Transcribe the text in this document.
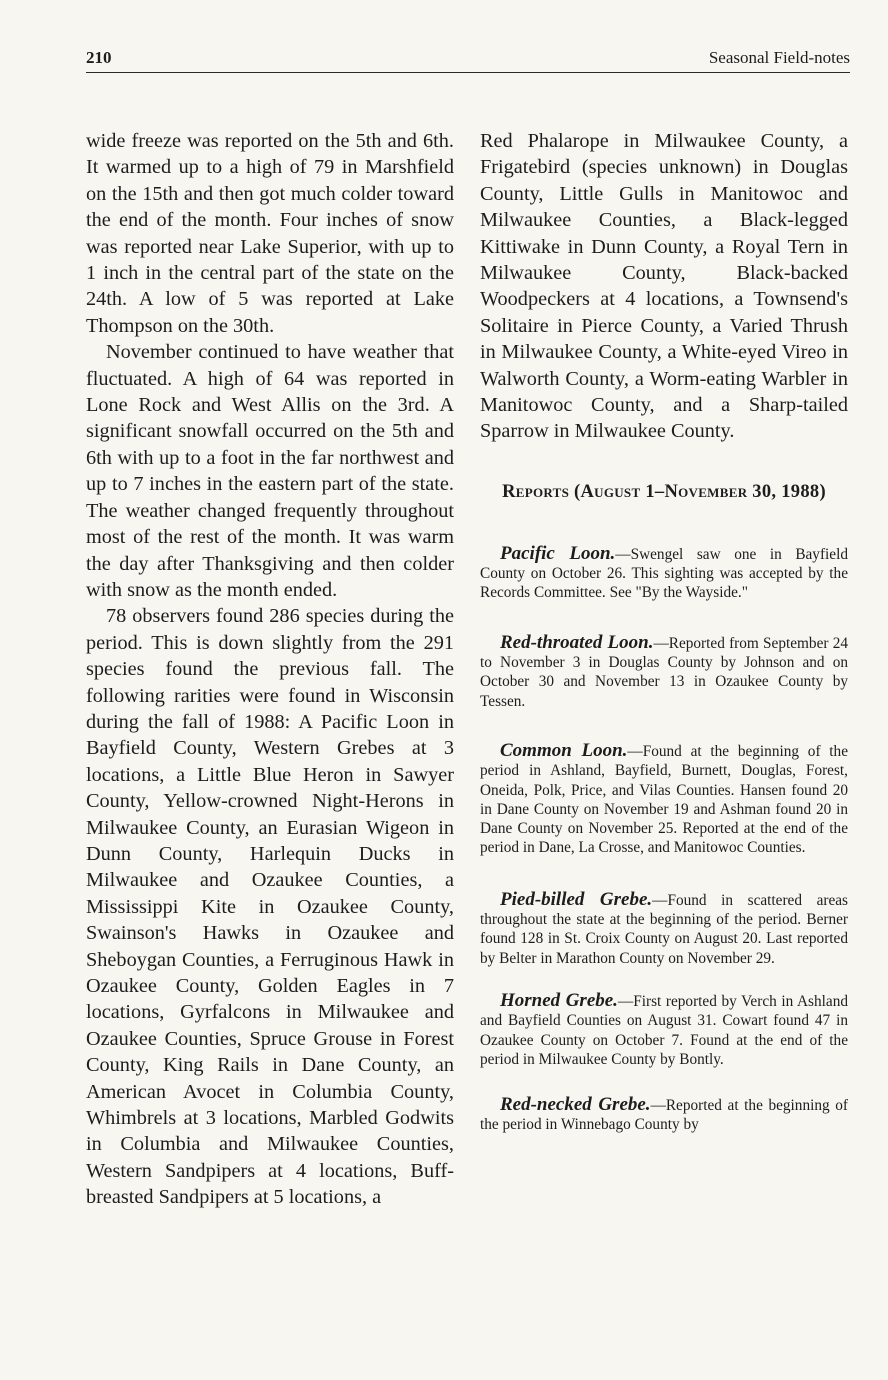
210	Seasonal Field-notes

wide freeze was reported on the 5th and 6th. It warmed up to a high of 79 in Marshfield on the 15th and then got much colder toward the end of the month. Four inches of snow was reported near Lake Superior, with up to 1 inch in the central part of the state on the 24th. A low of 5 was reported at Lake Thompson on the 30th.

November continued to have weather that fluctuated. A high of 64 was reported in Lone Rock and West Allis on the 3rd. A significant snowfall occurred on the 5th and 6th with up to a foot in the far northwest and up to 7 inches in the eastern part of the state. The weather changed frequently throughout most of the rest of the month. It was warm the day after Thanksgiving and then colder with snow as the month ended.

78 observers found 286 species during the period. This is down slightly from the 291 species found the previous fall. The following rarities were found in Wisconsin during the fall of 1988: A Pacific Loon in Bayfield County, Western Grebes at 3 locations, a Little Blue Heron in Sawyer County, Yellow-crowned Night-Herons in Milwaukee County, an Eurasian Wigeon in Dunn County, Harlequin Ducks in Milwaukee and Ozaukee Counties, a Mississippi Kite in Ozaukee County, Swainson's Hawks in Ozaukee and Sheboygan Counties, a Ferruginous Hawk in Ozaukee County, Golden Eagles in 7 locations, Gyrfalcons in Milwaukee and Ozaukee Counties, Spruce Grouse in Forest County, King Rails in Dane County, an American Avocet in Columbia County, Whimbrels at 3 locations, Marbled Godwits in Columbia and Milwaukee Counties, Western Sandpipers at 4 locations, Buff-breasted Sandpipers at 5 locations, a

Red Phalarope in Milwaukee County, a Frigatebird (species unknown) in Douglas County, Little Gulls in Manitowoc and Milwaukee Counties, a Black-legged Kittiwake in Dunn County, a Royal Tern in Milwaukee County, Black-backed Woodpeckers at 4 locations, a Townsend's Solitaire in Pierce County, a Varied Thrush in Milwaukee County, a White-eyed Vireo in Walworth County, a Worm-eating Warbler in Manitowoc County, and a Sharp-tailed Sparrow in Milwaukee County.

Reports (August 1–November 30, 1988)

Pacific Loon.—Swengel saw one in Bayfield County on October 26. This sighting was accepted by the Records Committee. See "By the Wayside."

Red-throated Loon.—Reported from September 24 to November 3 in Douglas County by Johnson and on October 30 and November 13 in Ozaukee County by Tessen.

Common Loon.—Found at the beginning of the period in Ashland, Bayfield, Burnett, Douglas, Forest, Oneida, Polk, Price, and Vilas Counties. Hansen found 20 in Dane County on November 19 and Ashman found 20 in Dane County on November 25. Reported at the end of the period in Dane, La Crosse, and Manitowoc Counties.

Pied-billed Grebe.—Found in scattered areas throughout the state at the beginning of the period. Berner found 128 in St. Croix County on August 20. Last reported by Belter in Marathon County on November 29.

Horned Grebe.—First reported by Verch in Ashland and Bayfield Counties on August 31. Cowart found 47 in Ozaukee County on October 7. Found at the end of the period in Milwaukee County by Bontly.

Red-necked Grebe.—Reported at the beginning of the period in Winnebago County by
